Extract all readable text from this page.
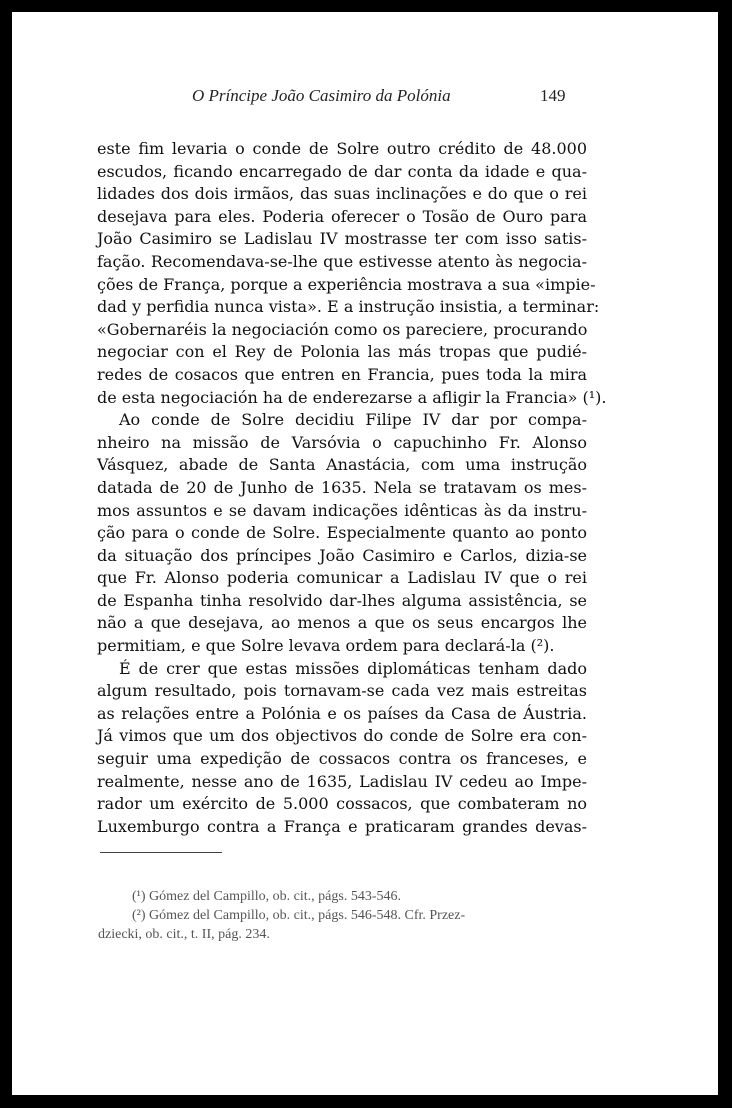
O Príncipe João Casimiro da Polónia	149
este fim levaria o conde de Solre outro crédito de 48.000
escudos, ficando encarregado de dar conta da idade e qua-
lidades dos dois irmãos, das suas inclinações e do que o rei
desejava para eles. Poderia oferecer o Tosão de Ouro para
João Casimiro se Ladislau IV mostrasse ter com isso satis-
fação. Recomendava-se-lhe que estivesse atento às negocia-
ções de França, porque a experiência mostrava a sua «impie-
dad y perfidia nunca vista». E a instrução insistia, a terminar:
«Gobernaréis la negociación como os pareciere, procurando
negociar con el Rey de Polonia las más tropas que pudié-
redes de cosacos que entren en Francia, pues toda la mira
de esta negociación ha de enderezarse a afligir la Francia» (¹).
Ao conde de Solre decidiu Filipe IV dar por compa-
nheiro na missão de Varsóvia o capuchinho Fr. Alonso
Vásquez, abade de Santa Anastácia, com uma instrução
datada de 20 de Junho de 1635. Nela se tratavam os mes-
mos assuntos e se davam indicações idênticas às da instru-
ção para o conde de Solre. Especialmente quanto ao ponto
da situação dos príncipes João Casimiro e Carlos, dizia-se
que Fr. Alonso poderia comunicar a Ladislau IV que o rei
de Espanha tinha resolvido dar-lhes alguma assistência, se
não a que desejava, ao menos a que os seus encargos lhe
permitiam, e que Solre levava ordem para declará-la (²).
É de crer que estas missões diplomáticas tenham dado
algum resultado, pois tornavam-se cada vez mais estreitas
as relações entre a Polónia e os países da Casa de Áustria.
Já vimos que um dos objectivos do conde de Solre era con-
seguir uma expedição de cossacos contra os franceses, e
realmente, nesse ano de 1635, Ladislau IV cedeu ao Impe-
rador um exército de 5.000 cossacos, que combateram no
Luxemburgo contra a França e praticaram grandes devas-
(¹) Gómez del Campillo, ob. cit., págs. 543-546.
(²) Gómez del Campillo, ob. cit., págs. 546-548. Cfr. Przez-
dziecki, ob. cit., t. II, pág. 234.
